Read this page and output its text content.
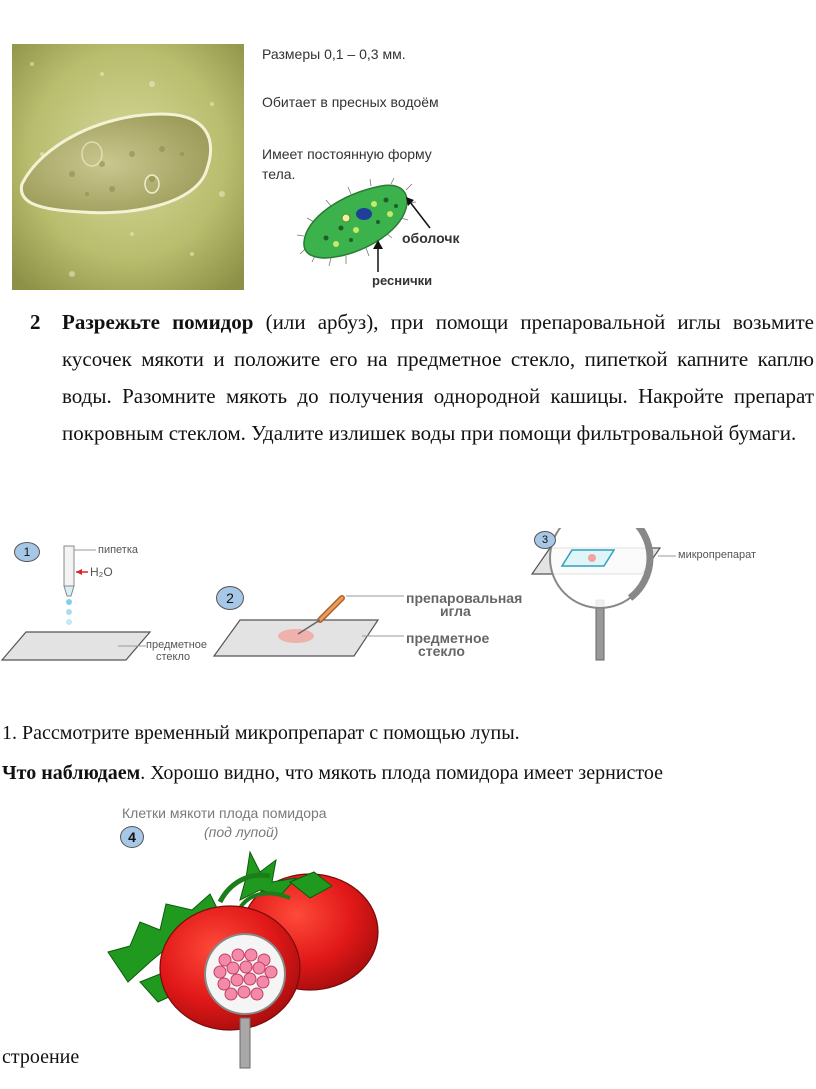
Размеры 0,1 – 0,3 мм.
Обитает в пресных водоём
Имеет постоянную форму
тела.
оболочк
реснички
2 Разрежьте помидор (или арбуз), при помощи препаровальной иглы возьмите кусочек мякоти и положите его на предметное стекло, пипеткой капните каплю воды. Разомните мякоть до получения однородной кашицы. Накройте препарат покровным стеклом. Удалите излишек воды при помощи фильтровальной бумаги.
1
2
3
пипетка
H₂O
предметное
стекло
препаровальная
игла
предметное
стекло
микропрепарат
1. Рассмотрите временный микропрепарат с помощью лупы.
Что наблюдаем. Хорошо видно, что мякоть плода помидора имеет зернистое
Клетки мякоти плода помидора
(под лупой)
4
строение
